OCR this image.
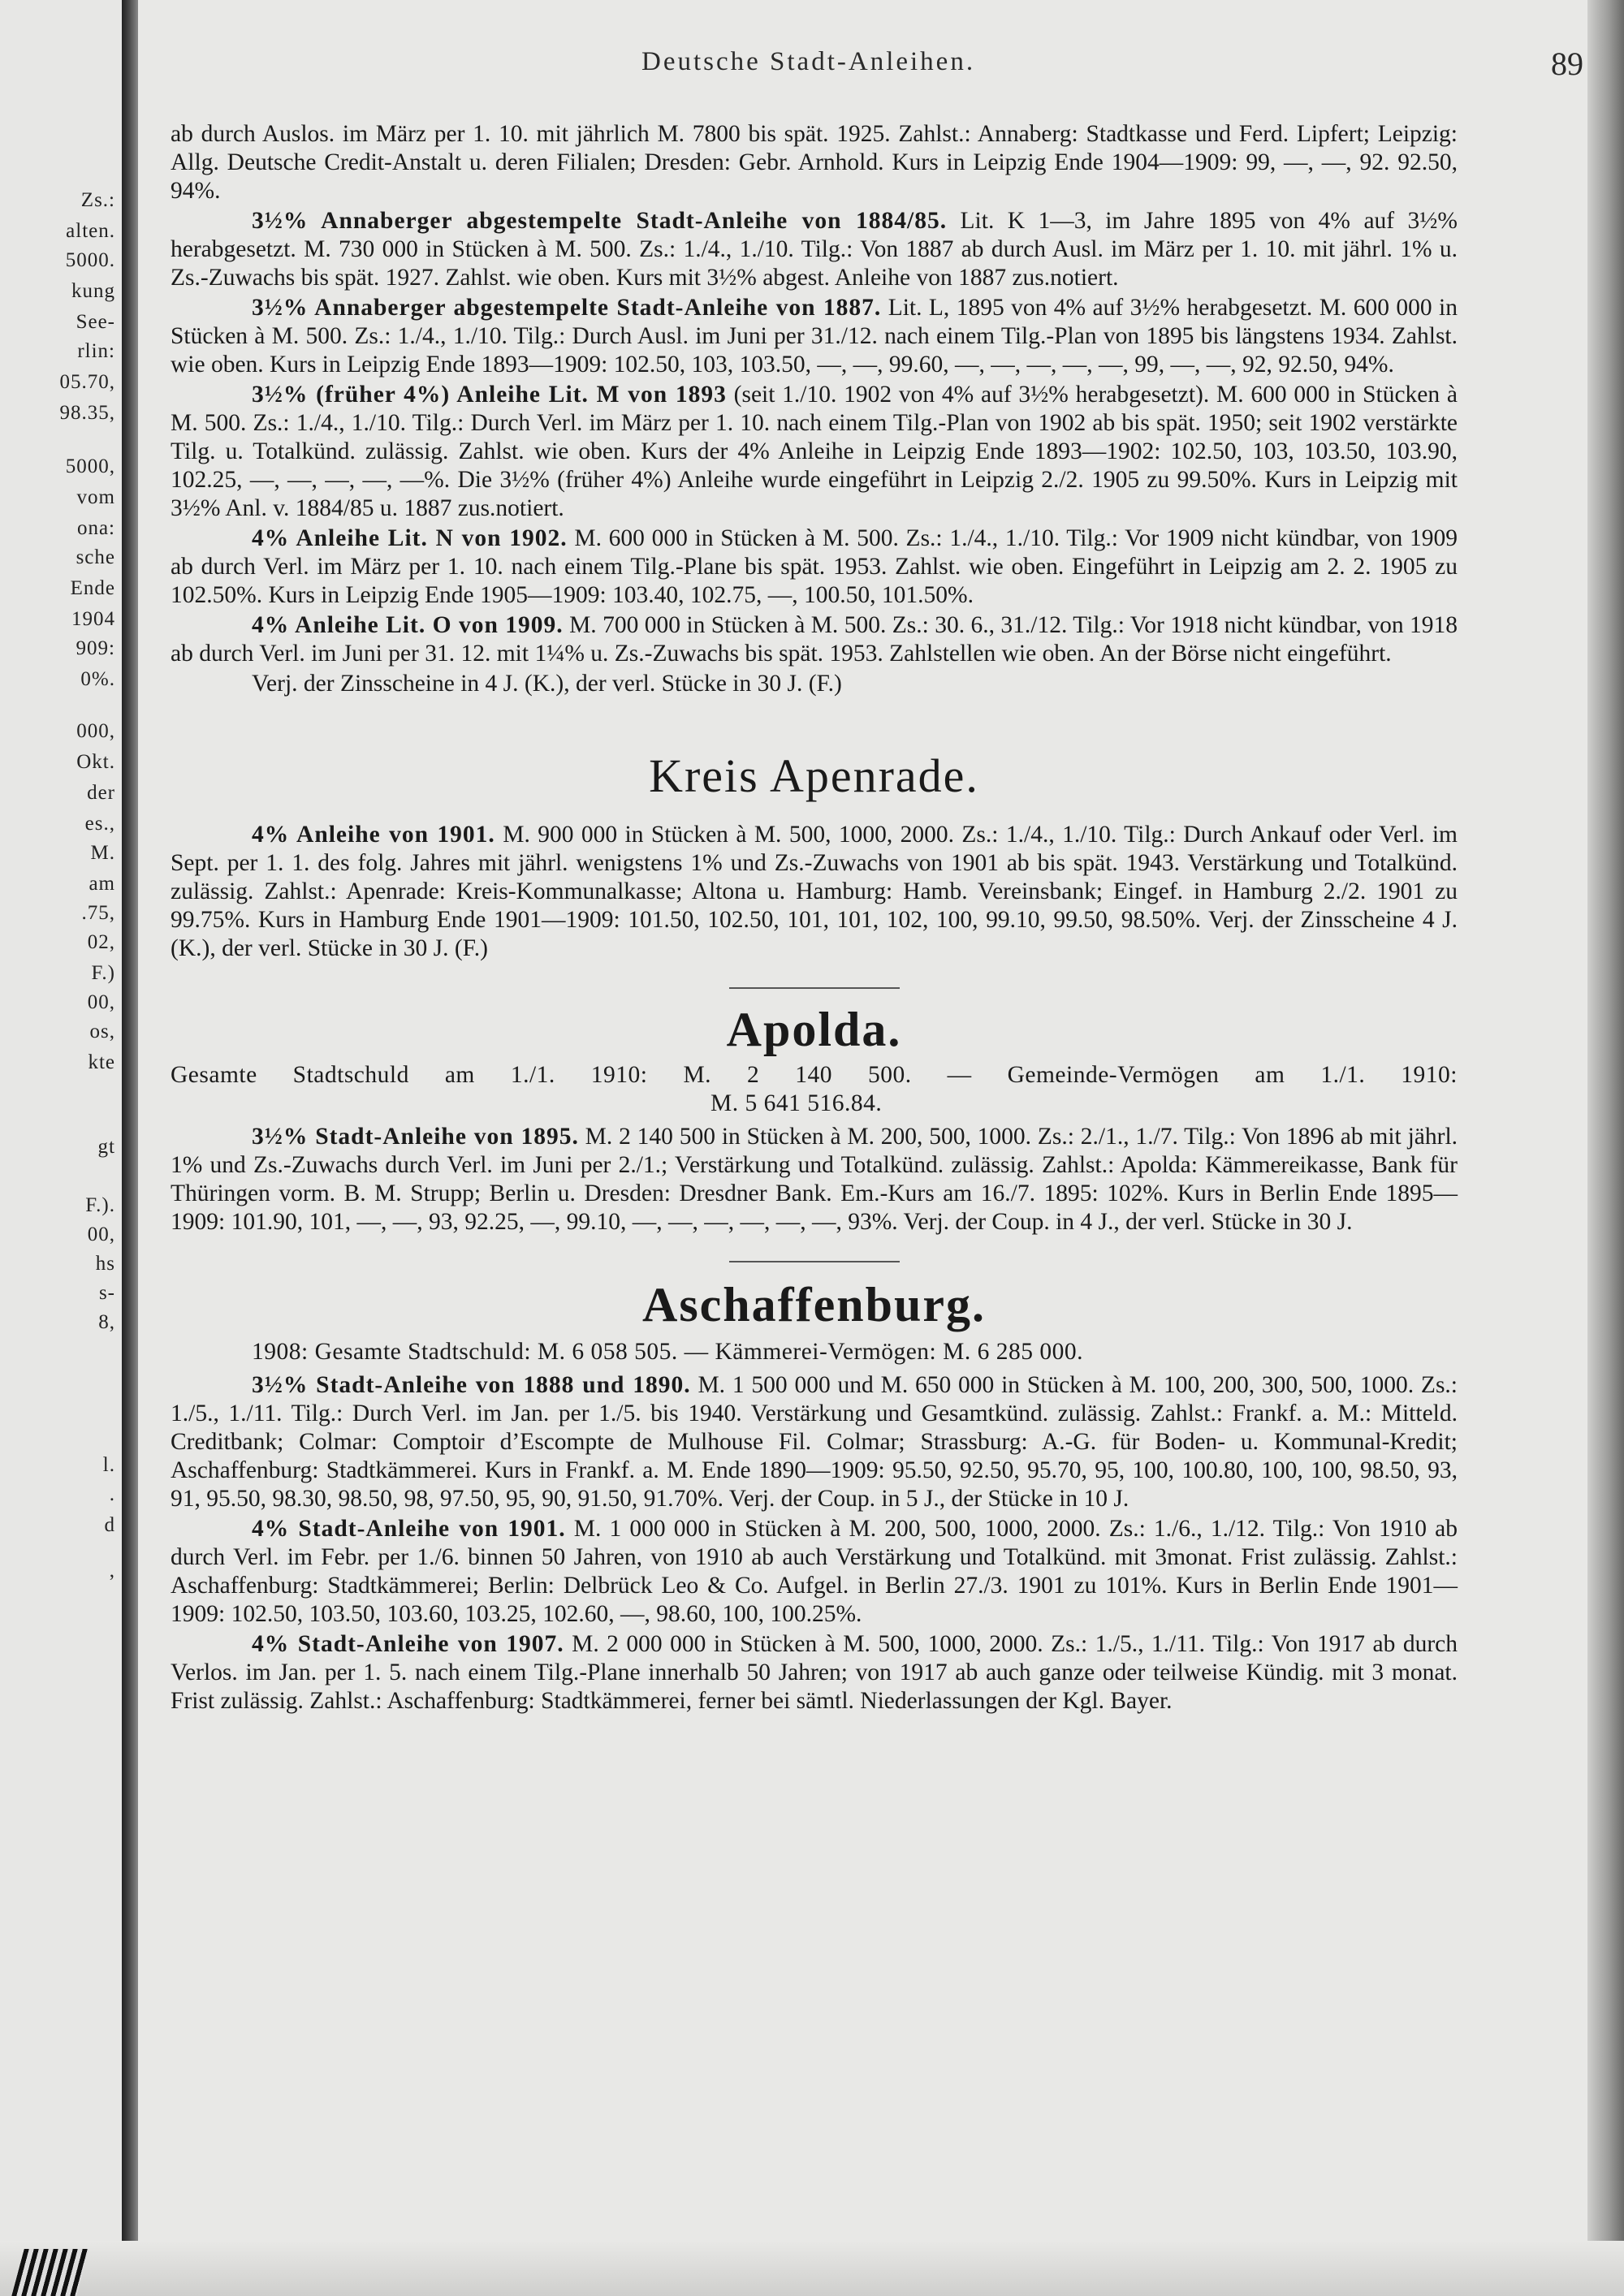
Zs.:
alten.
5000.
kung
See-
rlin:
05.70,
98.35,
5000,
vom
ona:
sche
Ende
1904
909:
0%.
000,
Okt.
der
es.,
M.
am
.75,
02,
F.)
00,
os,
kte
gt
F.).
00,
hs
s-
8,
l.
.
d
,
Deutsche Stadt-Anleihen.	89

ab durch Auslos. im März per 1. 10. mit jährlich M. 7800 bis spät. 1925. Zahlst.: Annaberg: Stadtkasse und Ferd. Lipfert; Leipzig: Allg. Deutsche Credit-Anstalt u. deren Filialen; Dresden: Gebr. Arnhold. Kurs in Leipzig Ende 1904—1909: 99, —, —, 92. 92.50, 94%.

3½% Annaberger abgestempelte Stadt-Anleihe von 1884/85. Lit. K 1—3, im Jahre 1895 von 4% auf 3½% herabgesetzt. M. 730 000 in Stücken à M. 500. Zs.: 1./4., 1./10. Tilg.: Von 1887 ab durch Ausl. im März per 1. 10. mit jährl. 1% u. Zs.-Zuwachs bis spät. 1927. Zahlst. wie oben. Kurs mit 3½% abgest. Anleihe von 1887 zus.notiert.

3½% Annaberger abgestempelte Stadt-Anleihe von 1887. Lit. L, 1895 von 4% auf 3½% herabgesetzt. M. 600 000 in Stücken à M. 500. Zs.: 1./4., 1./10. Tilg.: Durch Ausl. im Juni per 31./12. nach einem Tilg.-Plan von 1895 bis längstens 1934. Zahlst. wie oben. Kurs in Leipzig Ende 1893—1909: 102.50, 103, 103.50, —, —, 99.60, —, —, —, —, —, 99, —, —, 92, 92.50, 94%.

3½% (früher 4%) Anleihe Lit. M von 1893 (seit 1./10. 1902 von 4% auf 3½% herabgesetzt). M. 600 000 in Stücken à M. 500. Zs.: 1./4., 1./10. Tilg.: Durch Verl. im März per 1. 10. nach einem Tilg.-Plan von 1902 ab bis spät. 1950; seit 1902 verstärkte Tilg. u. Totalkünd. zulässig. Zahlst. wie oben. Kurs der 4% Anleihe in Leipzig Ende 1893—1902: 102.50, 103, 103.50, 103.90, 102.25, —, —, —, —, —%. Die 3½% (früher 4%) Anleihe wurde eingeführt in Leipzig 2./2. 1905 zu 99.50%. Kurs in Leipzig mit 3½% Anl. v. 1884/85 u. 1887 zus.notiert.

4% Anleihe Lit. N von 1902. M. 600 000 in Stücken à M. 500. Zs.: 1./4., 1./10. Tilg.: Vor 1909 nicht kündbar, von 1909 ab durch Verl. im März per 1. 10. nach einem Tilg.-Plane bis spät. 1953. Zahlst. wie oben. Eingeführt in Leipzig am 2. 2. 1905 zu 102.50%. Kurs in Leipzig Ende 1905—1909: 103.40, 102.75, —, 100.50, 101.50%.

4% Anleihe Lit. O von 1909. M. 700 000 in Stücken à M. 500. Zs.: 30. 6., 31./12. Tilg.: Vor 1918 nicht kündbar, von 1918 ab durch Verl. im Juni per 31. 12. mit 1¼% u. Zs.-Zuwachs bis spät. 1953. Zahlstellen wie oben. An der Börse nicht eingeführt.

Verj. der Zinsscheine in 4 J. (K.), der verl. Stücke in 30 J. (F.)

Kreis Apenrade.

4% Anleihe von 1901. M. 900 000 in Stücken à M. 500, 1000, 2000. Zs.: 1./4., 1./10. Tilg.: Durch Ankauf oder Verl. im Sept. per 1. 1. des folg. Jahres mit jährl. wenigstens 1% und Zs.-Zuwachs von 1901 ab bis spät. 1943. Verstärkung und Totalkünd. zulässig. Zahlst.: Apenrade: Kreis-Kommunalkasse; Altona u. Hamburg: Hamb. Vereinsbank; Eingef. in Hamburg 2./2. 1901 zu 99.75%. Kurs in Hamburg Ende 1901—1909: 101.50, 102.50, 101, 101, 102, 100, 99.10, 99.50, 98.50%. Verj. der Zinsscheine 4 J. (K.), der verl. Stücke in 30 J. (F.)

Apolda.
Gesamte Stadtschuld am 1./1. 1910: M. 2 140 500. — Gemeinde-Vermögen am 1./1. 1910:
M. 5 641 516.84.

3½% Stadt-Anleihe von 1895. M. 2 140 500 in Stücken à M. 200, 500, 1000. Zs.: 2./1., 1./7. Tilg.: Von 1896 ab mit jährl. 1% und Zs.-Zuwachs durch Verl. im Juni per 2./1.; Verstärkung und Totalkünd. zulässig. Zahlst.: Apolda: Kämmereikasse, Bank für Thüringen vorm. B. M. Strupp; Berlin u. Dresden: Dresdner Bank. Em.-Kurs am 16./7. 1895: 102%. Kurs in Berlin Ende 1895—1909: 101.90, 101, —, —, 93, 92.25, —, 99.10, —, —, —, —, —, —, 93%. Verj. der Coup. in 4 J., der verl. Stücke in 30 J.

Aschaffenburg.
1908: Gesamte Stadtschuld: M. 6 058 505. — Kämmerei-Vermögen: M. 6 285 000.

3½% Stadt-Anleihe von 1888 und 1890. M. 1 500 000 und M. 650 000 in Stücken à M. 100, 200, 300, 500, 1000. Zs.: 1./5., 1./11. Tilg.: Durch Verl. im Jan. per 1./5. bis 1940. Verstärkung und Gesamtkünd. zulässig. Zahlst.: Frankf. a. M.: Mitteld. Creditbank; Colmar: Comptoir d’Escompte de Mulhouse Fil. Colmar; Strassburg: A.-G. für Boden- u. Kommunal-Kredit; Aschaffenburg: Stadtkämmerei. Kurs in Frankf. a. M. Ende 1890—1909: 95.50, 92.50, 95.70, 95, 100, 100.80, 100, 100, 98.50, 93, 91, 95.50, 98.30, 98.50, 98, 97.50, 95, 90, 91.50, 91.70%. Verj. der Coup. in 5 J., der Stücke in 10 J.

4% Stadt-Anleihe von 1901. M. 1 000 000 in Stücken à M. 200, 500, 1000, 2000. Zs.: 1./6., 1./12. Tilg.: Von 1910 ab durch Verl. im Febr. per 1./6. binnen 50 Jahren, von 1910 ab auch Verstärkung und Totalkünd. mit 3monat. Frist zulässig. Zahlst.: Aschaffenburg: Stadtkämmerei; Berlin: Delbrück Leo & Co. Aufgel. in Berlin 27./3. 1901 zu 101%. Kurs in Berlin Ende 1901—1909: 102.50, 103.50, 103.60, 103.25, 102.60, —, 98.60, 100, 100.25%.

4% Stadt-Anleihe von 1907. M. 2 000 000 in Stücken à M. 500, 1000, 2000. Zs.: 1./5., 1./11. Tilg.: Von 1917 ab durch Verlos. im Jan. per 1. 5. nach einem Tilg.-Plane innerhalb 50 Jahren; von 1917 ab auch ganze oder teilweise Kündig. mit 3 monat. Frist zulässig. Zahlst.: Aschaffenburg: Stadtkämmerei, ferner bei sämtl. Niederlassungen der Kgl. Bayer.
